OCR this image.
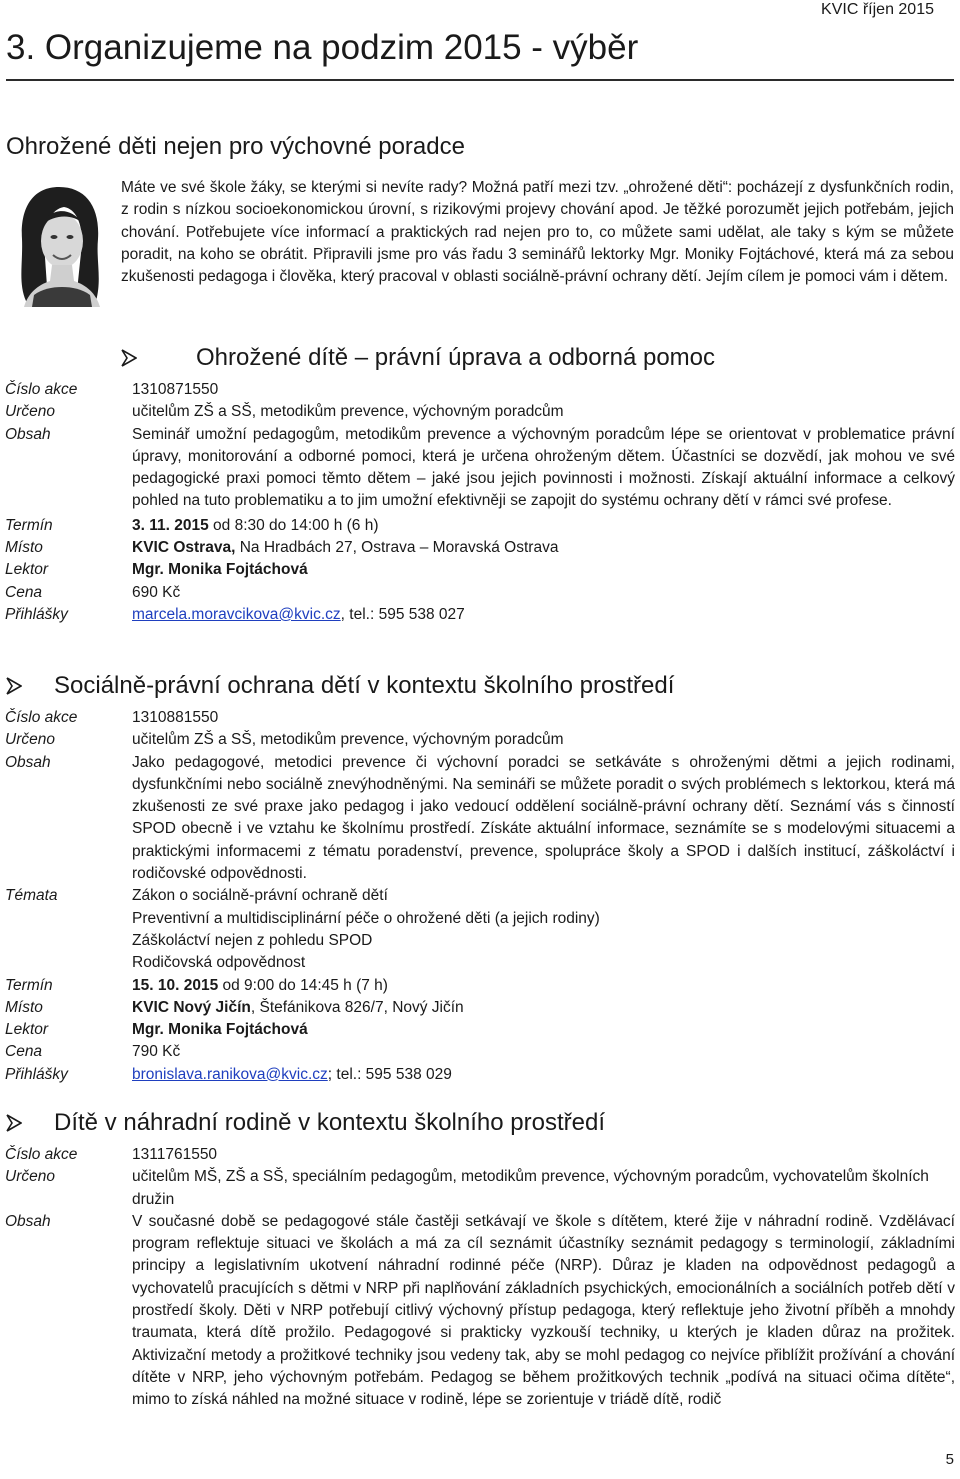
KVIC říjen 2015
3. Organizujeme na podzim 2015 - výběr
Ohrožené děti nejen pro výchovné poradce
Máte ve své škole žáky, se kterými si nevíte rady? Možná patří mezi tzv. „ohrožené děti“: pocházejí z dysfunkčních rodin, z rodin s nízkou socioekonomickou úrovní, s rizikovými projevy chování apod. Je těžké porozumět jejich potřebám, jejich chování. Potřebujete více informací a praktických rad nejen pro to, co můžete sami udělat, ale taky s kým se můžete poradit, na koho se obrátit. Připravili jsme pro vás řadu 3 seminářů lektorky Mgr. Moniky Fojtáchové, která má za sebou zkušenosti pedagoga i člověka, který pracoval v oblasti sociálně-právní ochrany dětí. Jejím cílem je pomoci vám i dětem.
Ohrožené dítě – právní úprava a odborná pomoc
Číslo akce	1310871550
Určeno	učitelům ZŠ a SŠ, metodikům prevence, výchovným poradcům
Obsah	Seminář umožní pedagogům, metodikům prevence a výchovným poradcům lépe se orientovat v problematice právní úpravy, monitorování a odborné pomoci, která je určena ohroženým dětem. Účastníci se dozvědí, jak mohou ve své pedagogické praxi pomoci těmto dětem – jaké jsou jejich povinnosti i možnosti. Získají aktuální informace a celkový pohled na tuto problematiku a to jim umožní efektivněji se zapojit do systému ochrany dětí v rámci své profese.
Termín	3. 11. 2015 od 8:30 do 14:00 h (6 h)
Místo	KVIC Ostrava, Na Hradbách 27, Ostrava – Moravská Ostrava
Lektor	Mgr. Monika Fojtáchová
Cena	690 Kč
Přihlášky	marcela.moravcikova@kvic.cz, tel.: 595 538 027
Sociálně-právní ochrana dětí v kontextu školního prostředí
Číslo akce	1310881550
Určeno	učitelům ZŠ a SŠ, metodikům prevence, výchovným poradcům
Obsah	Jako pedagogové, metodici prevence či výchovní poradci se setkáváte s ohroženými dětmi a jejich rodinami, dysfunkčními nebo sociálně znevýhodněnými. Na semináři se můžete poradit o svých problémech s lektorkou, která má zkušenosti ze své praxe jako pedagog i jako vedoucí oddělení sociálně-právní ochrany dětí. Seznámí vás s činností SPOD obecně i ve vztahu ke školnímu prostředí. Získáte aktuální informace, seznámíte se s modelovými situacemi a praktickými informacemi z tématu poradenství, prevence, spolupráce školy a SPOD i dalších institucí, záškoláctví i rodičovské odpovědnosti.
Témata	Zákon o sociálně-právní ochraně dětí
Preventivní a multidisciplinární péče o ohrožené děti (a jejich rodiny)
Záškoláctví nejen z pohledu SPOD
Rodičovská odpovědnost
Termín	15. 10. 2015 od 9:00 do 14:45 h (7 h)
Místo	KVIC Nový Jičín, Štefánikova 826/7, Nový Jičín
Lektor	Mgr. Monika Fojtáchová
Cena	790 Kč
Přihlášky	bronislava.ranikova@kvic.cz; tel.: 595 538 029
Dítě v náhradní rodině v kontextu školního prostředí
Číslo akce	1311761550
Určeno	učitelům MŠ, ZŠ a SŠ, speciálním pedagogům, metodikům prevence, výchovným poradcům, vychovatelům školních družin
Obsah	V současné době se pedagogové stále častěji setkávají ve škole s dítětem, které žije v náhradní rodině. Vzdělávací program reflektuje situaci ve školách a má za cíl seznámit účastníky seznámit pedagogy s terminologií, základními principy a legislativním ukotvení náhradní rodinné péče (NRP). Důraz je kladen na odpovědnost pedagogů a vychovatelů pracujících s dětmi v NRP při naplňování základních psychických, emocionálních a sociálních potřeb dětí v prostředí školy. Děti v NRP potřebují citlivý výchovný přístup pedagoga, který reflektuje jeho životní příběh a mnohdy traumata, která dítě prožilo. Pedagogové si prakticky vyzkouší techniky, u kterých je kladen důraz na prožitek. Aktivizační metody a prožitkové techniky jsou vedeny tak, aby se mohl pedagog co nejvíce přiblížit prožívání a chování dítěte v NRP, jeho výchovným potřebám. Pedagog se během prožitkových technik „podívá na situaci očima dítěte“, mimo to získá náhled na možné situace v rodině, lépe se zorientuje v triádě dítě, rodič
5
